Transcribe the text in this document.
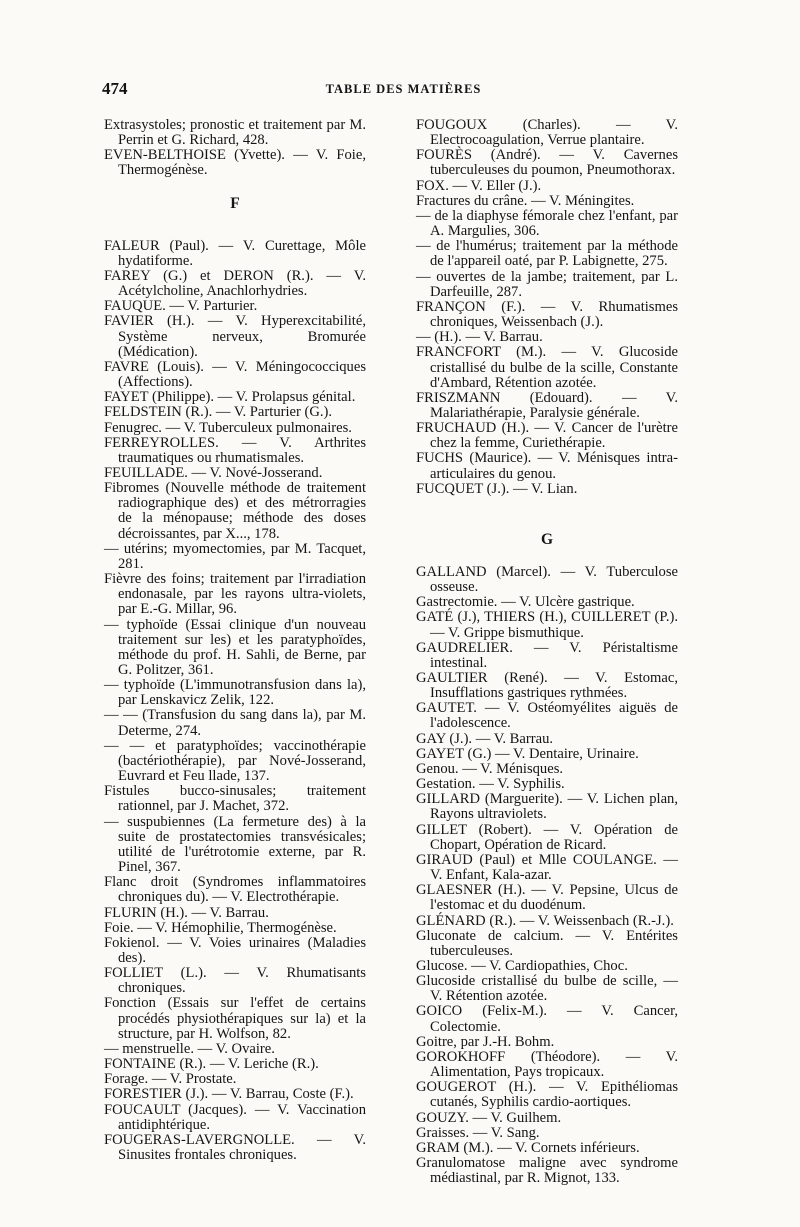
474	TABLE DES MATIÈRES
Extrasystoles; pronostic et traitement par M. Perrin et G. Richard, 428.
EVEN-BELTHOISE (Yvette). — V. Foie, Thermogénèse.
F
FALEUR (Paul). — V. Curettage, Môle hydatiforme.
FAREY (G.) et DERON (R.). — V. Acétylcholine, Anachlorhydries.
FAUQUE. — V. Parturier.
FAVIER (H.). — V. Hyperexcitabilité, Système nerveux, Bromurée (Médication).
FAVRE (Louis). — V. Méningococciques (Affections).
FAYET (Philippe). — V. Prolapsus génital.
FELDSTEIN (R.). — V. Parturier (G.).
Fenugrec. — V. Tuberculeux pulmonaires.
FERREYROLLES. — V. Arthrites traumatiques ou rhumatismales.
FEUILLADE. — V. Nové-Josserand.
Fibromes (Nouvelle méthode de traitement radiographique des) et des métrorragies de la ménopause; méthode des doses décroissantes, par X..., 178.
— utérins; myomectomies, par M. Tacquet, 281.
Fièvre des foins; traitement par l'irradiation endonasale, par les rayons ultra-violets, par E.-G. Millar, 96.
— typhoïde (Essai clinique d'un nouveau traitement sur les) et les paratyphoïdes, méthode du prof. H. Sahli, de Berne, par G. Politzer, 361.
— typhoïde (L'immunotransfusion dans la), par Lenskavicz Zelik, 122.
— — (Transfusion du sang dans la), par M. Determe, 274.
— — et paratyphoïdes; vaccinothérapie (bactériothérapie), par Nové-Josserand, Euvrard et Feu llade, 137.
Fistules bucco-sinusales; traitement rationnel, par J. Machet, 372.
— suspubiennes (La fermeture des) à la suite de prostatectomies transvésicales; utilité de l'urétrotomie externe, par R. Pinel, 367.
Flanc droit (Syndromes inflammatoires chroniques du). — V. Electrothérapie.
FLURIN (H.). — V. Barrau.
Foie. — V. Hémophilie, Thermogénèse.
Fokienol. — V. Voies urinaires (Maladies des).
FOLLIET (L.). — V. Rhumatisants chroniques.
Fonction (Essais sur l'effet de certains procédés physiothérapiques sur la) et la structure, par H. Wolfson, 82.
— menstruelle. — V. Ovaire.
FONTAINE (R.). — V. Leriche (R.).
Forage. — V. Prostate.
FORESTIER (J.). — V. Barrau, Coste (F.).
FOUCAULT (Jacques). — V. Vaccination antidiphtérique.
FOUGERAS-LAVERGNOLLE. — V. Sinusites frontales chroniques.
FOUGOUX (Charles). — V. Electrocoagulation, Verrue plantaire.
FOURÈS (André). — V. Cavernes tuberculeuses du poumon, Pneumothorax.
FOX. — V. Eller (J.).
Fractures du crâne. — V. Méningites.
— de la diaphyse fémorale chez l'enfant, par A. Margulies, 306.
— de l'humérus; traitement par la méthode de l'appareil oaté, par P. Labignette, 275.
— ouvertes de la jambe; traitement, par L. Darfeuille, 287.
FRANÇON (F.). — V. Rhumatismes chroniques, Weissenbach (J.).
— (H.). — V. Barrau.
FRANCFORT (M.). — V. Glucoside cristallisé du bulbe de la scille, Constante d'Ambard, Rétention azotée.
FRISZMANN (Edouard). — V. Malariathérapie, Paralysie générale.
FRUCHAUD (H.). — V. Cancer de l'urètre chez la femme, Curiethérapie.
FUCHS (Maurice). — V. Ménisques intra-articulaires du genou.
FUCQUET (J.). — V. Lian.
G
GALLAND (Marcel). — V. Tuberculose osseuse.
Gastrectomie. — V. Ulcère gastrique.
GATÉ (J.), THIERS (H.), CUILLERET (P.). — V. Grippe bismuthique.
GAUDRELIER. — V. Péristaltisme intestinal.
GAULTIER (René). — V. Estomac, Insufflations gastriques rythmées.
GAUTET. — V. Ostéomyélites aiguës de l'adolescence.
GAY (J.). — V. Barrau.
GAYET (G.) — V. Dentaire, Urinaire.
Genou. — V. Ménisques.
Gestation. — V. Syphilis.
GILLARD (Marguerite). — V. Lichen plan, Rayons ultraviolets.
GILLET (Robert). — V. Opération de Chopart, Opération de Ricard.
GIRAUD (Paul) et Mlle COULANGE. — V. Enfant, Kala-azar.
GLAESNER (H.). — V. Pepsine, Ulcus de l'estomac et du duodénum.
GLÉNARD (R.). — V. Weissenbach (R.-J.).
Gluconate de calcium. — V. Entérites tuberculeuses.
Glucose. — V. Cardiopathies, Choc.
Glucoside cristallisé du bulbe de scille, — V. Rétention azotée.
GOICO (Felix-M.). — V. Cancer, Colectomie.
Goitre, par J.-H. Bohm.
GOROKHOFF (Théodore). — V. Alimentation, Pays tropicaux.
GOUGEROT (H.). — V. Epithéliomas cutanés, Syphilis cardio-aortiques.
GOUZY. — V. Guilhem.
Graisses. — V. Sang.
GRAM (M.). — V. Cornets inférieurs.
Granulomatose maligne avec syndrome médiastinal, par R. Mignot, 133.
